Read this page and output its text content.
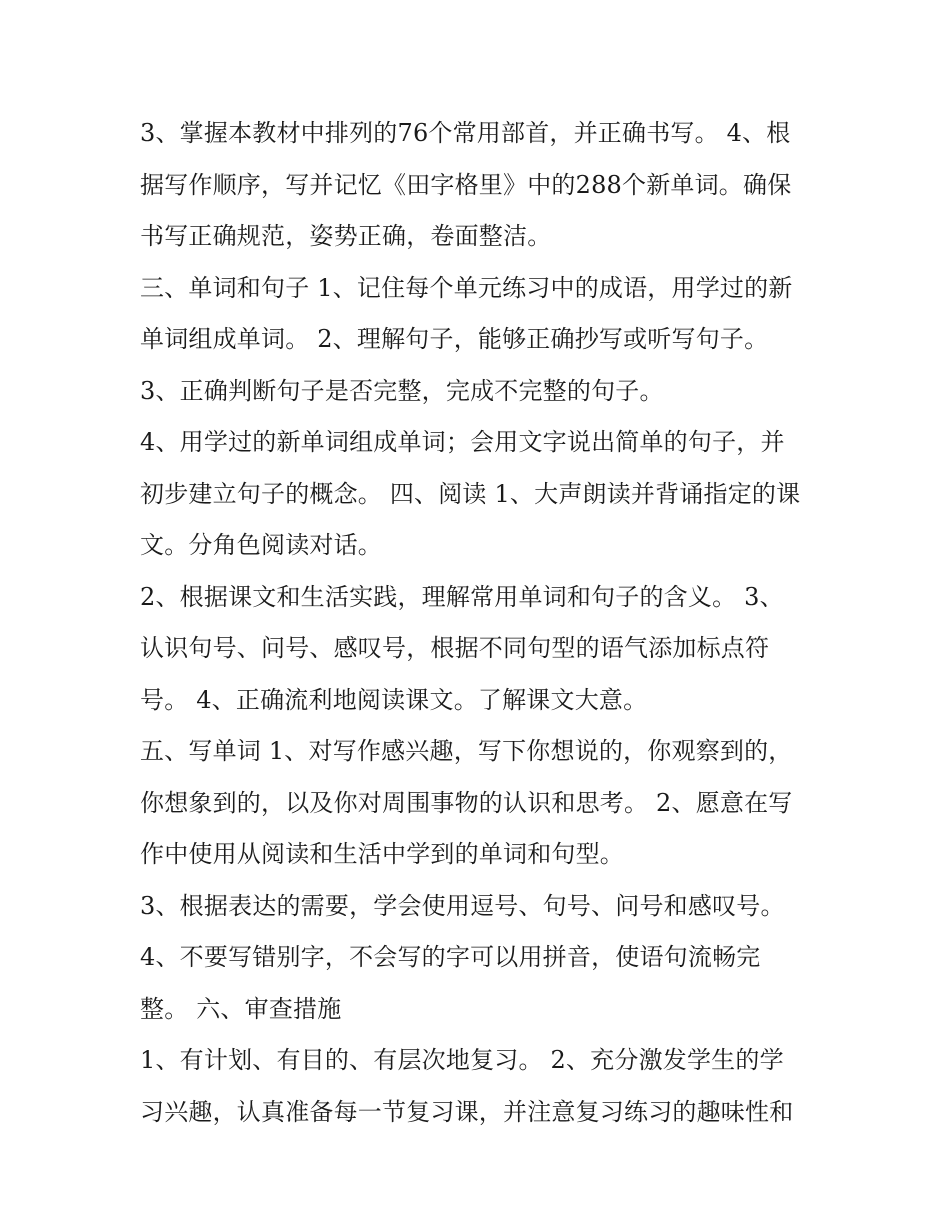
3、掌握本教材中排列的76个常用部首，并正确书写。 4、根
据写作顺序，写并记忆《田字格里》中的288个新单词。确保
书写正确规范，姿势正确，卷面整洁。
三、单词和句子 1、记住每个单元练习中的成语，用学过的新
单词组成单词。 2、理解句子，能够正确抄写或听写句子。
3、正确判断句子是否完整，完成不完整的句子。
4、用学过的新单词组成单词；会用文字说出简单的句子，并
初步建立句子的概念。 四、阅读 1、大声朗读并背诵指定的课
文。分角色阅读对话。
2、根据课文和生活实践，理解常用单词和句子的含义。 3、
认识句号、问号、感叹号，根据不同句型的语气添加标点符
号。 4、正确流利地阅读课文。了解课文大意。
五、写单词 1、对写作感兴趣，写下你想说的，你观察到的，
你想象到的，以及你对周围事物的认识和思考。 2、愿意在写
作中使用从阅读和生活中学到的单词和句型。
3、根据表达的需要，学会使用逗号、句号、问号和感叹号。
4、不要写错别字，不会写的字可以用拼音，使语句流畅完
整。 六、审查措施
1、有计划、有目的、有层次地复习。 2、充分激发学生的学
习兴趣，认真准备每一节复习课，并注意复习练习的趣味性和
